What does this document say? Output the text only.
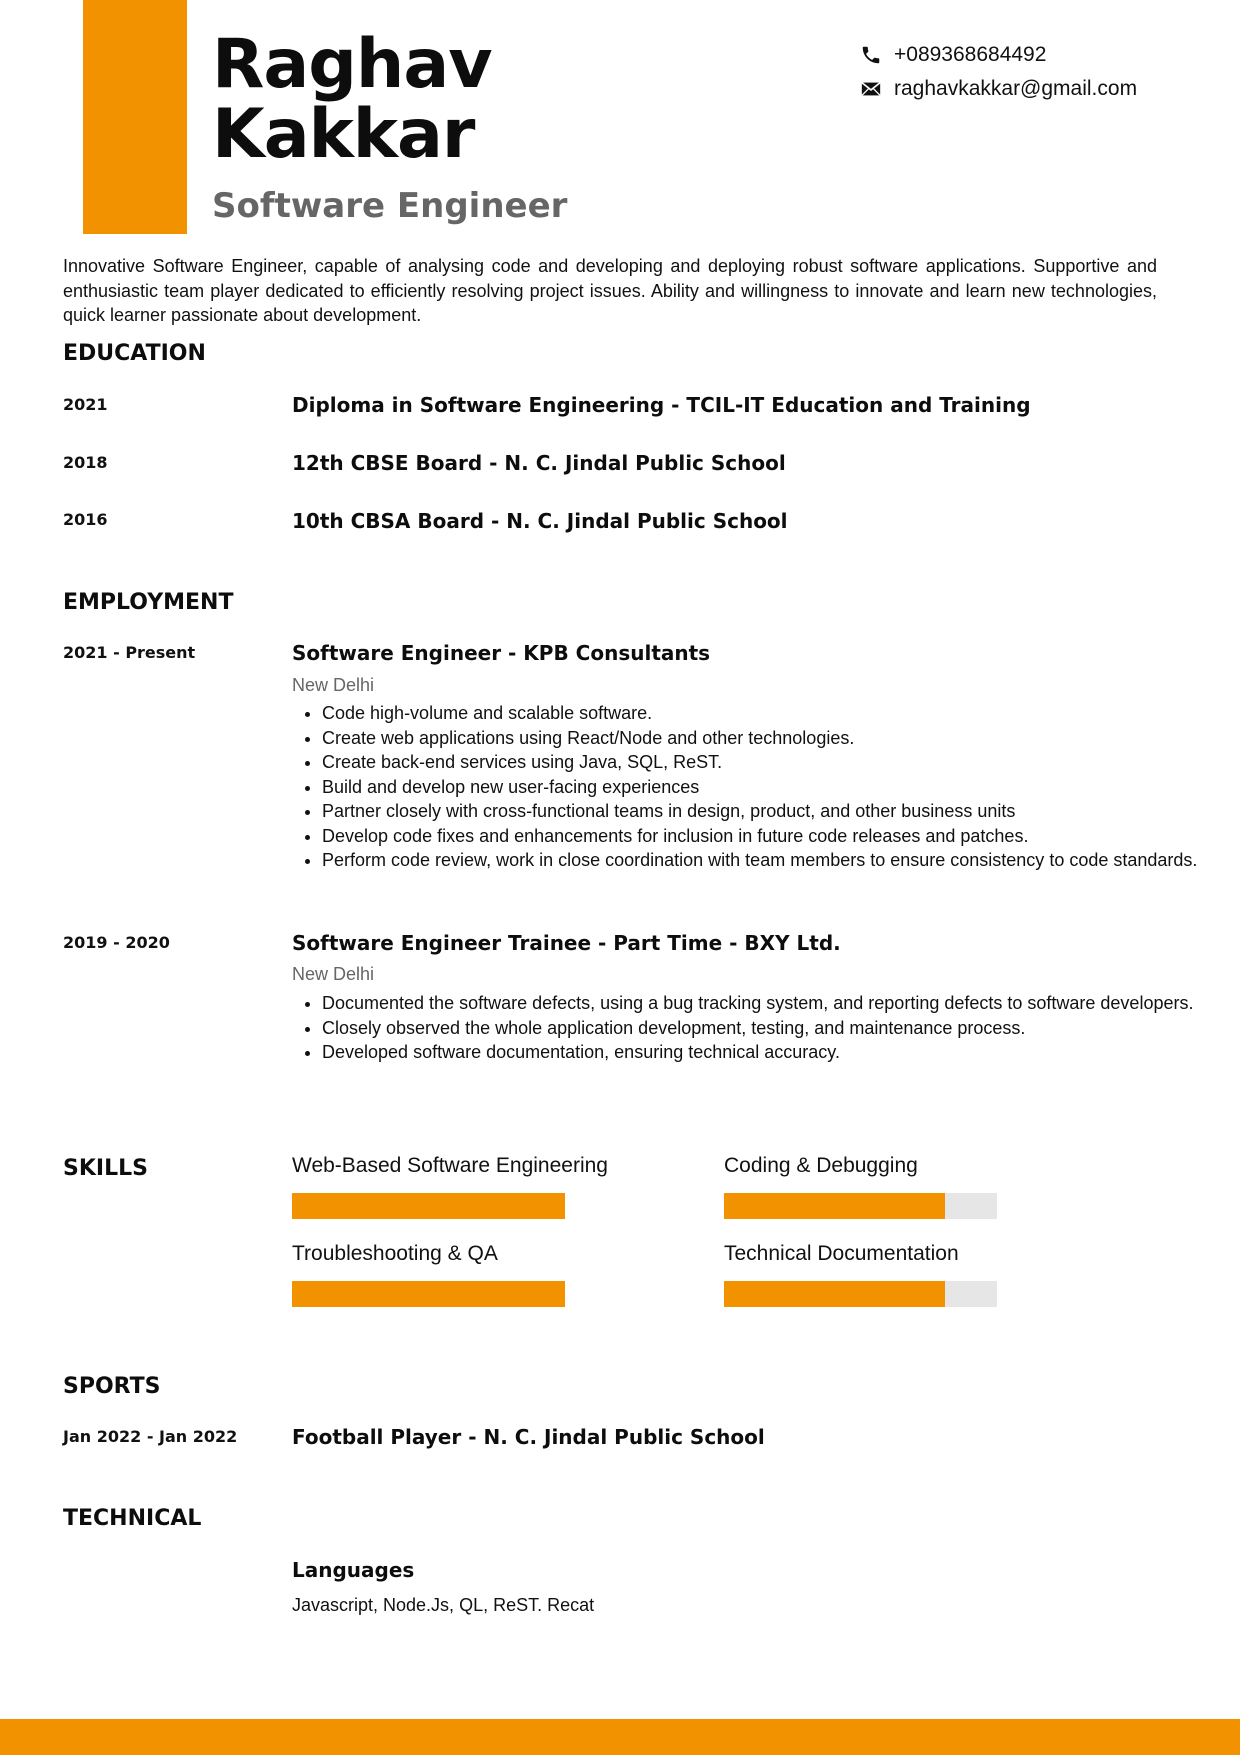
Raghav
Kakkar
Software Engineer
+089368684492
raghavkakkar@gmail.com

Innovative Software Engineer, capable of analysing code and developing and deploying robust software applications. Supportive and enthusiastic team player dedicated to efficiently resolving project issues. Ability and willingness to innovate and learn new technologies, quick learner passionate about development.

EDUCATION
2021	Diploma in Software Engineering - TCIL-IT Education and Training
2018	12th CBSE Board - N. C. Jindal Public School
2016	10th CBSA Board - N. C. Jindal Public School
EMPLOYMENT
2021 - Present	Software Engineer - KPB Consultants
New Delhi
• Code high-volume and scalable software.
• Create web applications using React/Node and other technologies.
• Create back-end services using Java, SQL, ReST.
• Build and develop new user-facing experiences
• Partner closely with cross-functional teams in design, product, and other business units
• Develop code fixes and enhancements for inclusion in future code releases and patches.
• Perform code review, work in close coordination with team members to ensure consistency to code standards.
2019 - 2020	Software Engineer Trainee - Part Time - BXY Ltd.
New Delhi
• Documented the software defects, using a bug tracking system, and reporting defects to software developers.
• Closely observed the whole application development, testing, and maintenance process.
• Developed software documentation, ensuring technical accuracy.
SKILLS	Web-Based Software Engineering	Coding & Debugging
Troubleshooting & QA	Technical Documentation
SPORTS
Jan 2022 - Jan 2022	Football Player - N. C. Jindal Public School
TECHNICAL
Languages
Javascript, Node.Js, QL, ReST. Recat
